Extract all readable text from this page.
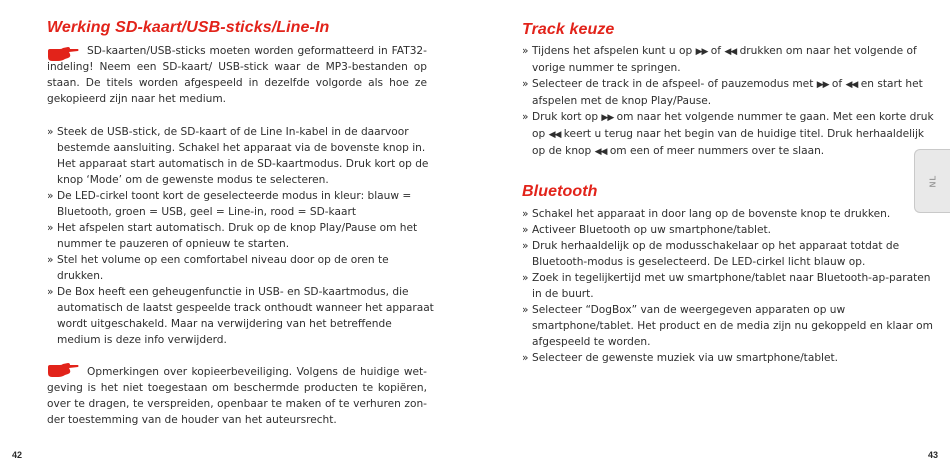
Werking SD-kaart/USB-sticks/Line-In
SD-kaarten/USB-sticks moeten worden geformatteerd in FAT32-indeling! Neem een SD-kaart/ USB-stick waar de MP3-bestanden op staan. De titels worden afgespeeld in dezelfde volgorde als hoe ze gekopieerd zijn naar het medium.
» Steek de USB-stick, de SD-kaart of de Line In-kabel in de daarvoor bestemde aansluiting. Schakel het apparaat via de bovenste knop in. Het apparaat start automatisch in de SD-kaartmodus. Druk kort op de knop ‘Mode’ om de gewenste modus te selecteren.
» De LED-cirkel toont kort de geselecteerde modus in kleur: blauw = Bluetooth, groen = USB, geel = Line-in, rood = SD-kaart
» Het afspelen start automatisch. Druk op de knop Play/Pause om het nummer te pauzeren of opnieuw te starten.
» Stel het volume op een comfortabel niveau door op de oren te drukken.
» De Box heeft een geheugenfunctie in USB- en SD-kaartmodus, die automatisch de laatst gespeelde track onthoudt wanneer het apparaat wordt uitgeschakeld. Maar na verwijdering van het betreffende medium is deze info verwijderd.
Opmerkingen over kopieerbeveiliging. Volgens de huidige wet-geving is het niet toegestaan om beschermde producten te kopiëren, over te dragen, te verspreiden, openbaar te maken of te verhuren zon-der toestemming van de houder van het auteursrecht.
42
Track keuze
» Tijdens het afspelen kunt u op ▶▶ of ◀◀ drukken om naar het volgende of vorige nummer te springen.
» Selecteer de track in de afspeel- of pauzemodus met ▶▶ of ◀◀ en start het afspelen met de knop Play/Pause.
» Druk kort op ▶▶ om naar het volgende nummer te gaan. Met een korte druk op ◀◀ keert u terug naar het begin van de huidige titel. Druk herhaaldelijk op de knop ◀◀ om een of meer nummers over te slaan.
Bluetooth
» Schakel het apparaat in door lang op de bovenste knop te drukken.
» Activeer Bluetooth op uw smartphone/tablet.
» Druk herhaaldelijk op de modusschakelaar op het apparaat totdat de Bluetooth-modus is geselecteerd. De LED-cirkel licht blauw op.
» Zoek in tegelijkertijd met uw smartphone/tablet naar Bluetooth-ap-paraten in de buurt.
» Selecteer “DogBox” van de weergegeven apparaten op uw smartphone/tablet. Het product en de media zijn nu gekoppeld en klaar om afgespeeld te worden.
» Selecteer de gewenste muziek via uw smartphone/tablet.
NL
43
